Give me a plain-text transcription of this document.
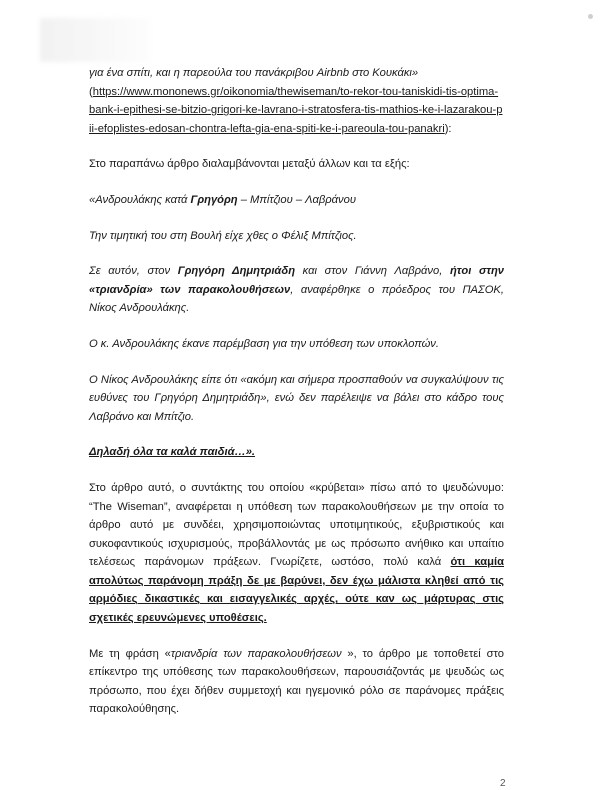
για ένα σπίτι, και η παρεούλα του πανάκριβου Airbnb στο Κουκάκι»

(https://www.mononews.gr/oikonomia/thewiseman/to-rekor-tou-taniskidi-tis-optima-bank-i-epithesi-se-bitzio-grigori-ke-lavrano-i-stratosfera-tis-mathios-ke-i-lazarakou-pii-efoplistes-edosan-chontra-lefta-gia-ena-spiti-ke-i-pareoula-tou-panakri):

Στο παραπάνω άρθρο διαλαμβάνονται μεταξύ άλλων και τα εξής:

«Ανδρουλάκης κατά Γρηγόρη – Μπίτζιου – Λαβράνου

Την τιμητική του στη Βουλή είχε χθες ο Φέλιξ Μπίτζιος.

Σε αυτόν, στον Γρηγόρη Δημητριάδη και στον Γιάννη Λαβράνο, ήτοι στην «τριανδρία» των παρακολουθήσεων, αναφέρθηκε ο πρόεδρος του ΠΑΣΟΚ, Νίκος Ανδρουλάκης.

Ο κ. Ανδρουλάκης έκανε παρέμβαση για την υπόθεση των υποκλοπών.

Ο Νίκος Ανδρουλάκης είπε ότι «ακόμη και σήμερα προσπαθούν να συγκαλύψουν τις ευθύνες του Γρηγόρη Δημητριάδη», ενώ δεν παρέλειψε να βάλει στο κάδρο τους Λαβράνο και Μπίτζιο.

Δηλαδή όλα τα καλά παιδιά…».

Στο άρθρο αυτό, ο συντάκτης του οποίου «κρύβεται» πίσω από το ψευδώνυμο: “The Wiseman”, αναφέρεται η υπόθεση των παρακολουθήσεων με την οποία το άρθρο αυτό με συνδέει, χρησιμοποιώντας υποτιμητικούς, εξυβριστικούς και συκοφαντικούς ισχυρισμούς, προβάλλοντάς με ως πρόσωπο ανήθικο και υπαίτιο τελέσεως παράνομων πράξεων. Γνωρίζετε, ωστόσο, πολύ καλά ότι καμία απολύτως παράνομη πράξη δε με βαρύνει, δεν έχω μάλιστα κληθεί από τις αρμόδιες δικαστικές και εισαγγελικές αρχές, ούτε καν ως μάρτυρας στις σχετικές ερευνώμενες υποθέσεις.

Με τη φράση «τριανδρία των παρακολουθήσεων », το άρθρο με τοποθετεί στο επίκεντρο της υπόθεσης των παρακολουθήσεων, παρουσιάζοντάς με ψευδώς ως πρόσωπο, που έχει δήθεν συμμετοχή και ηγεμονικό ρόλο σε παράνομες πράξεις παρακολούθησης.

2
